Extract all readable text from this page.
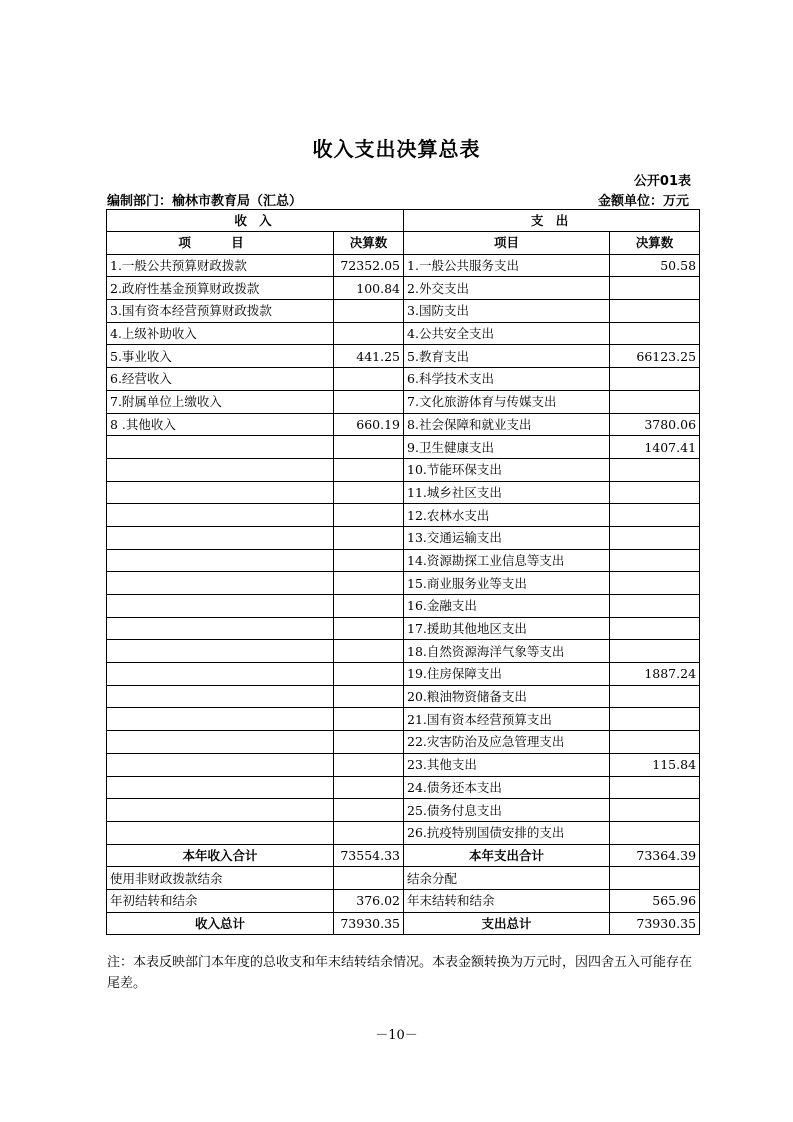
收入支出决算总表
公开01表
编制部门：榆林市教育局（汇总）	金额单位：万元
收 入		支 出	
项 目	决算数	项目	决算数
1.一般公共预算财政拨款	72352.05	1.一般公共服务支出	50.58
2.政府性基金预算财政拨款	100.84	2.外交支出	
3.国有资本经营预算财政拨款		3.国防支出	
4.上级补助收入		4.公共安全支出	
5.事业收入	441.25	5.教育支出	66123.25
6.经营收入		6.科学技术支出	
7.附属单位上缴收入		7.文化旅游体育与传媒支出	
8 .其他收入	660.19	8.社会保障和就业支出	3780.06
		9.卫生健康支出	1407.41
		10.节能环保支出	
		11.城乡社区支出	
		12.农林水支出	
		13.交通运输支出	
		14.资源勘探工业信息等支出	
		15.商业服务业等支出	
		16.金融支出	
		17.援助其他地区支出	
		18.自然资源海洋气象等支出	
		19.住房保障支出	1887.24
		20.粮油物资储备支出	
		21.国有资本经营预算支出	
		22.灾害防治及应急管理支出	
		23.其他支出	115.84
		24.债务还本支出	
		25.债务付息支出	
		26.抗疫特别国债安排的支出	
本年收入合计	73554.33	本年支出合计	73364.39
使用非财政拨款结余		结余分配	
年初结转和结余	376.02	年末结转和结余	565.96
收入总计	73930.35	支出总计	73930.35
注：本表反映部门本年度的总收支和年末结转结余情况。本表金额转换为万元时，因四舍五入可能存在尾差。
－10－
